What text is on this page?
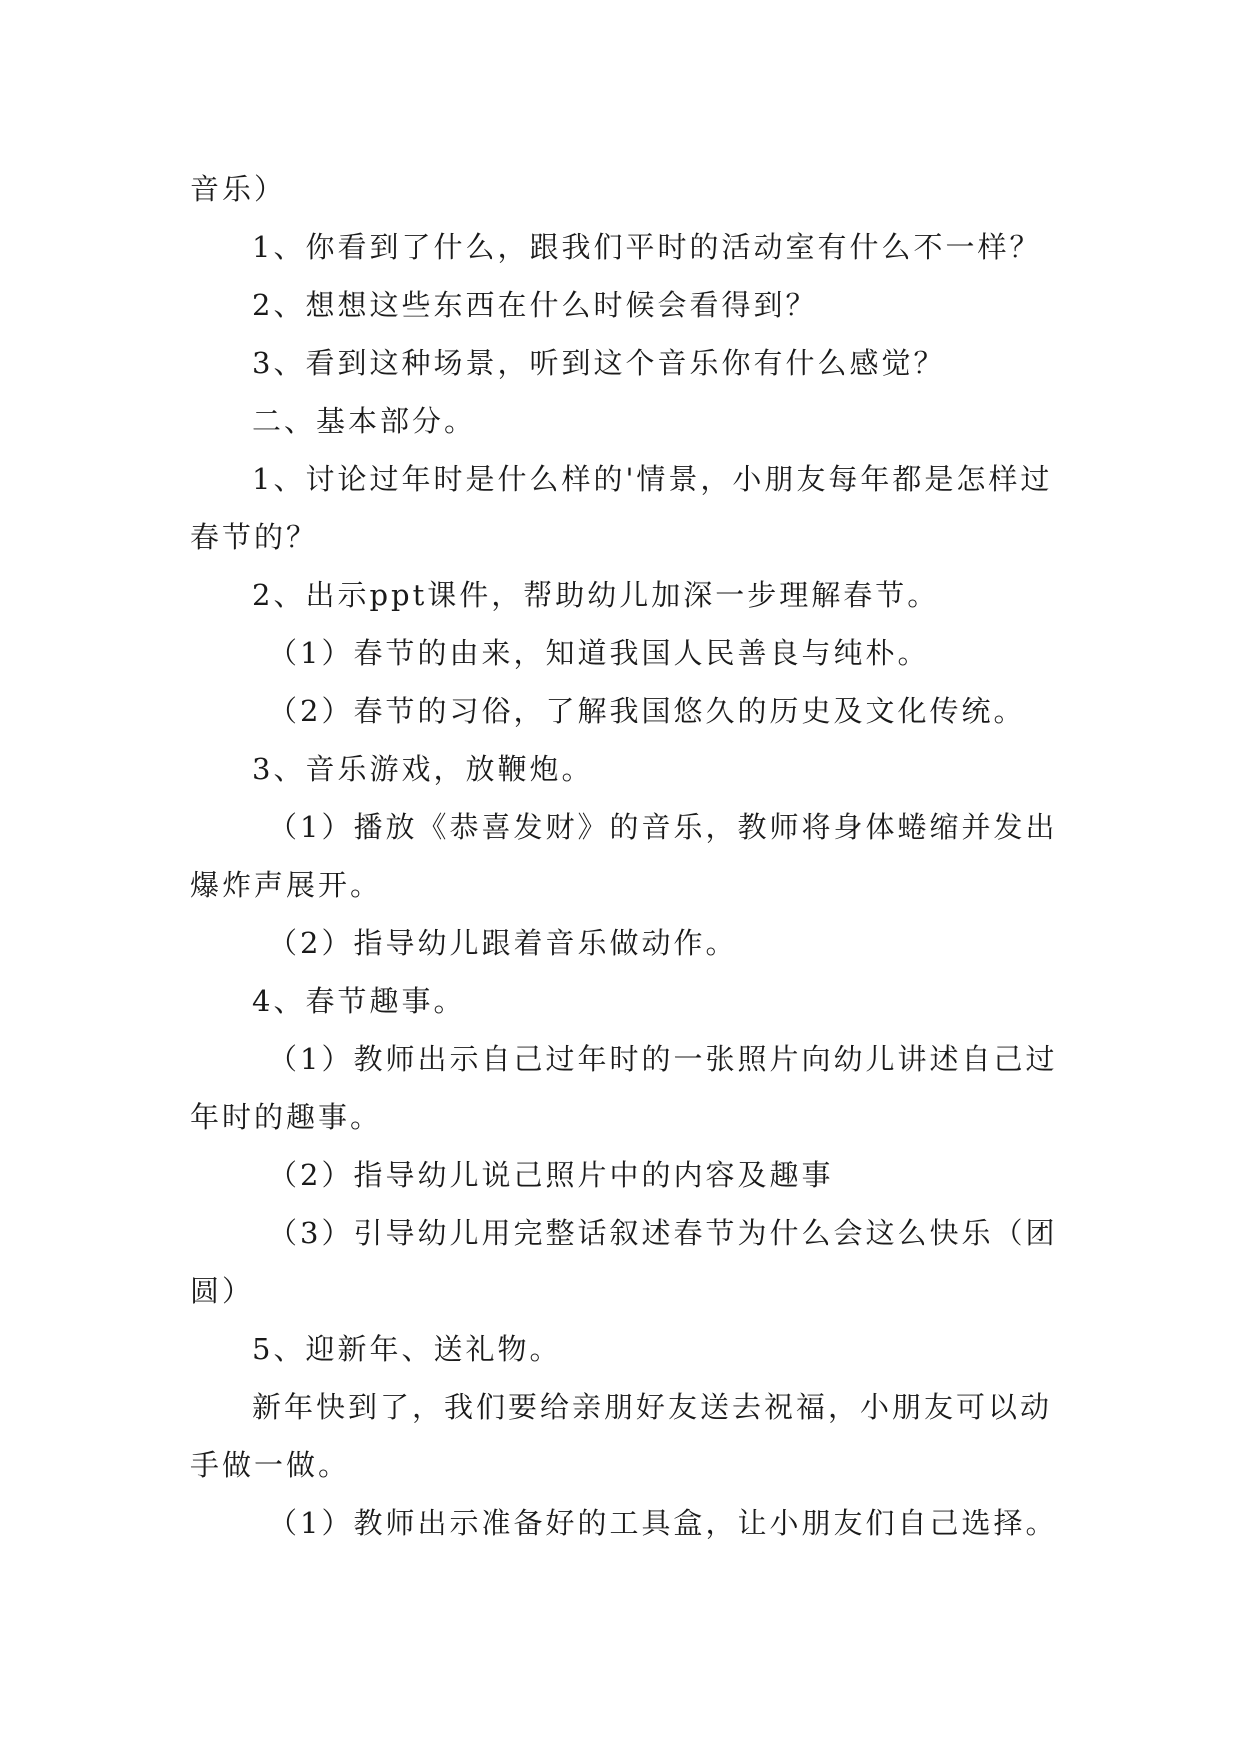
音乐）

1、你看到了什么，跟我们平时的活动室有什么不一样？

2、想想这些东西在什么时候会看得到？

3、看到这种场景，听到这个音乐你有什么感觉？

二、基本部分。

1、讨论过年时是什么样的'情景，小朋友每年都是怎样过春节的？

2、出示ppt课件，帮助幼儿加深一步理解春节。

（1）春节的由来，知道我国人民善良与纯朴。

（2）春节的习俗，了解我国悠久的历史及文化传统。

3、音乐游戏，放鞭炮。

（1）播放《恭喜发财》的音乐，教师将身体蜷缩并发出爆炸声展开。

（2）指导幼儿跟着音乐做动作。

4、春节趣事。

（1）教师出示自己过年时的一张照片向幼儿讲述自己过年时的趣事。

（2）指导幼儿说己照片中的内容及趣事

（3）引导幼儿用完整话叙述春节为什么会这么快乐（团圆）

5、迎新年、送礼物。

新年快到了，我们要给亲朋好友送去祝福，小朋友可以动手做一做。

（1）教师出示准备好的工具盒，让小朋友们自己选择。
